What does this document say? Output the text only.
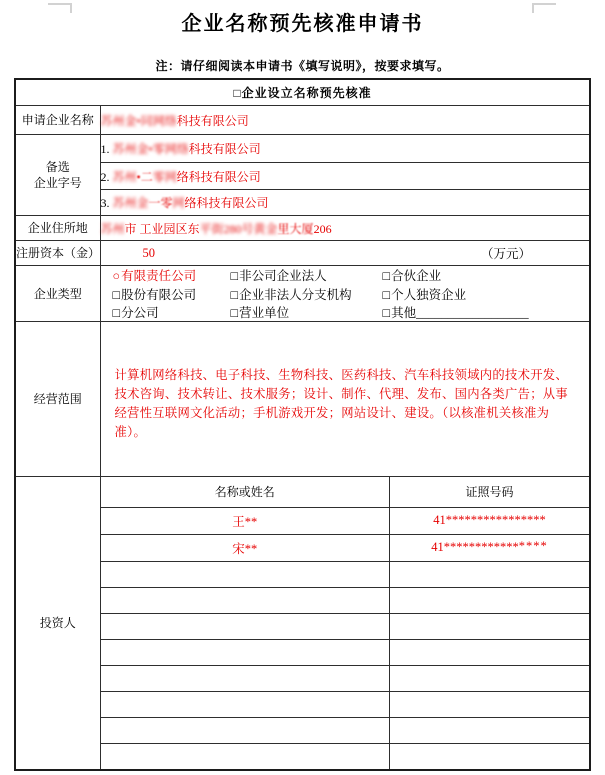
企业名称预先核准申请书
注：请仔细阅读本申请书《填写说明》，按要求填写。
□企业设立名称预先核准
申请企业名称	苏州金•同网络科技有限公司
备选
企业字号	1. 苏州金•零网络科技有限公司
2. 苏州•二零网络科技有限公司
3. 苏州金一零网络科技有限公司
企业住所地	苏州市 工业园区东平街280号黄金里大厦206
注册资本（金）	50	（万元）

企业类型	
○有限责任公司	□非公司企业法人	□合伙企业
□股份有限公司	□企业非法人分支机构	□个人独资企业
□分公司	□营业单位	□其他__________________

经营范围	
计算机网络科技、电子科技、生物科技、医药科技、汽车科技领域内的技术开发、技术咨询、技术转让、技术服务；设计、制作、代理、发布、国内各类广告；从事经营性互联网文化活动；手机游戏开发；网站设计、建设。（以核准机关核准为准）。

投资人	
名称或姓名	证照号码
王**	41****************
宋**	41****************
